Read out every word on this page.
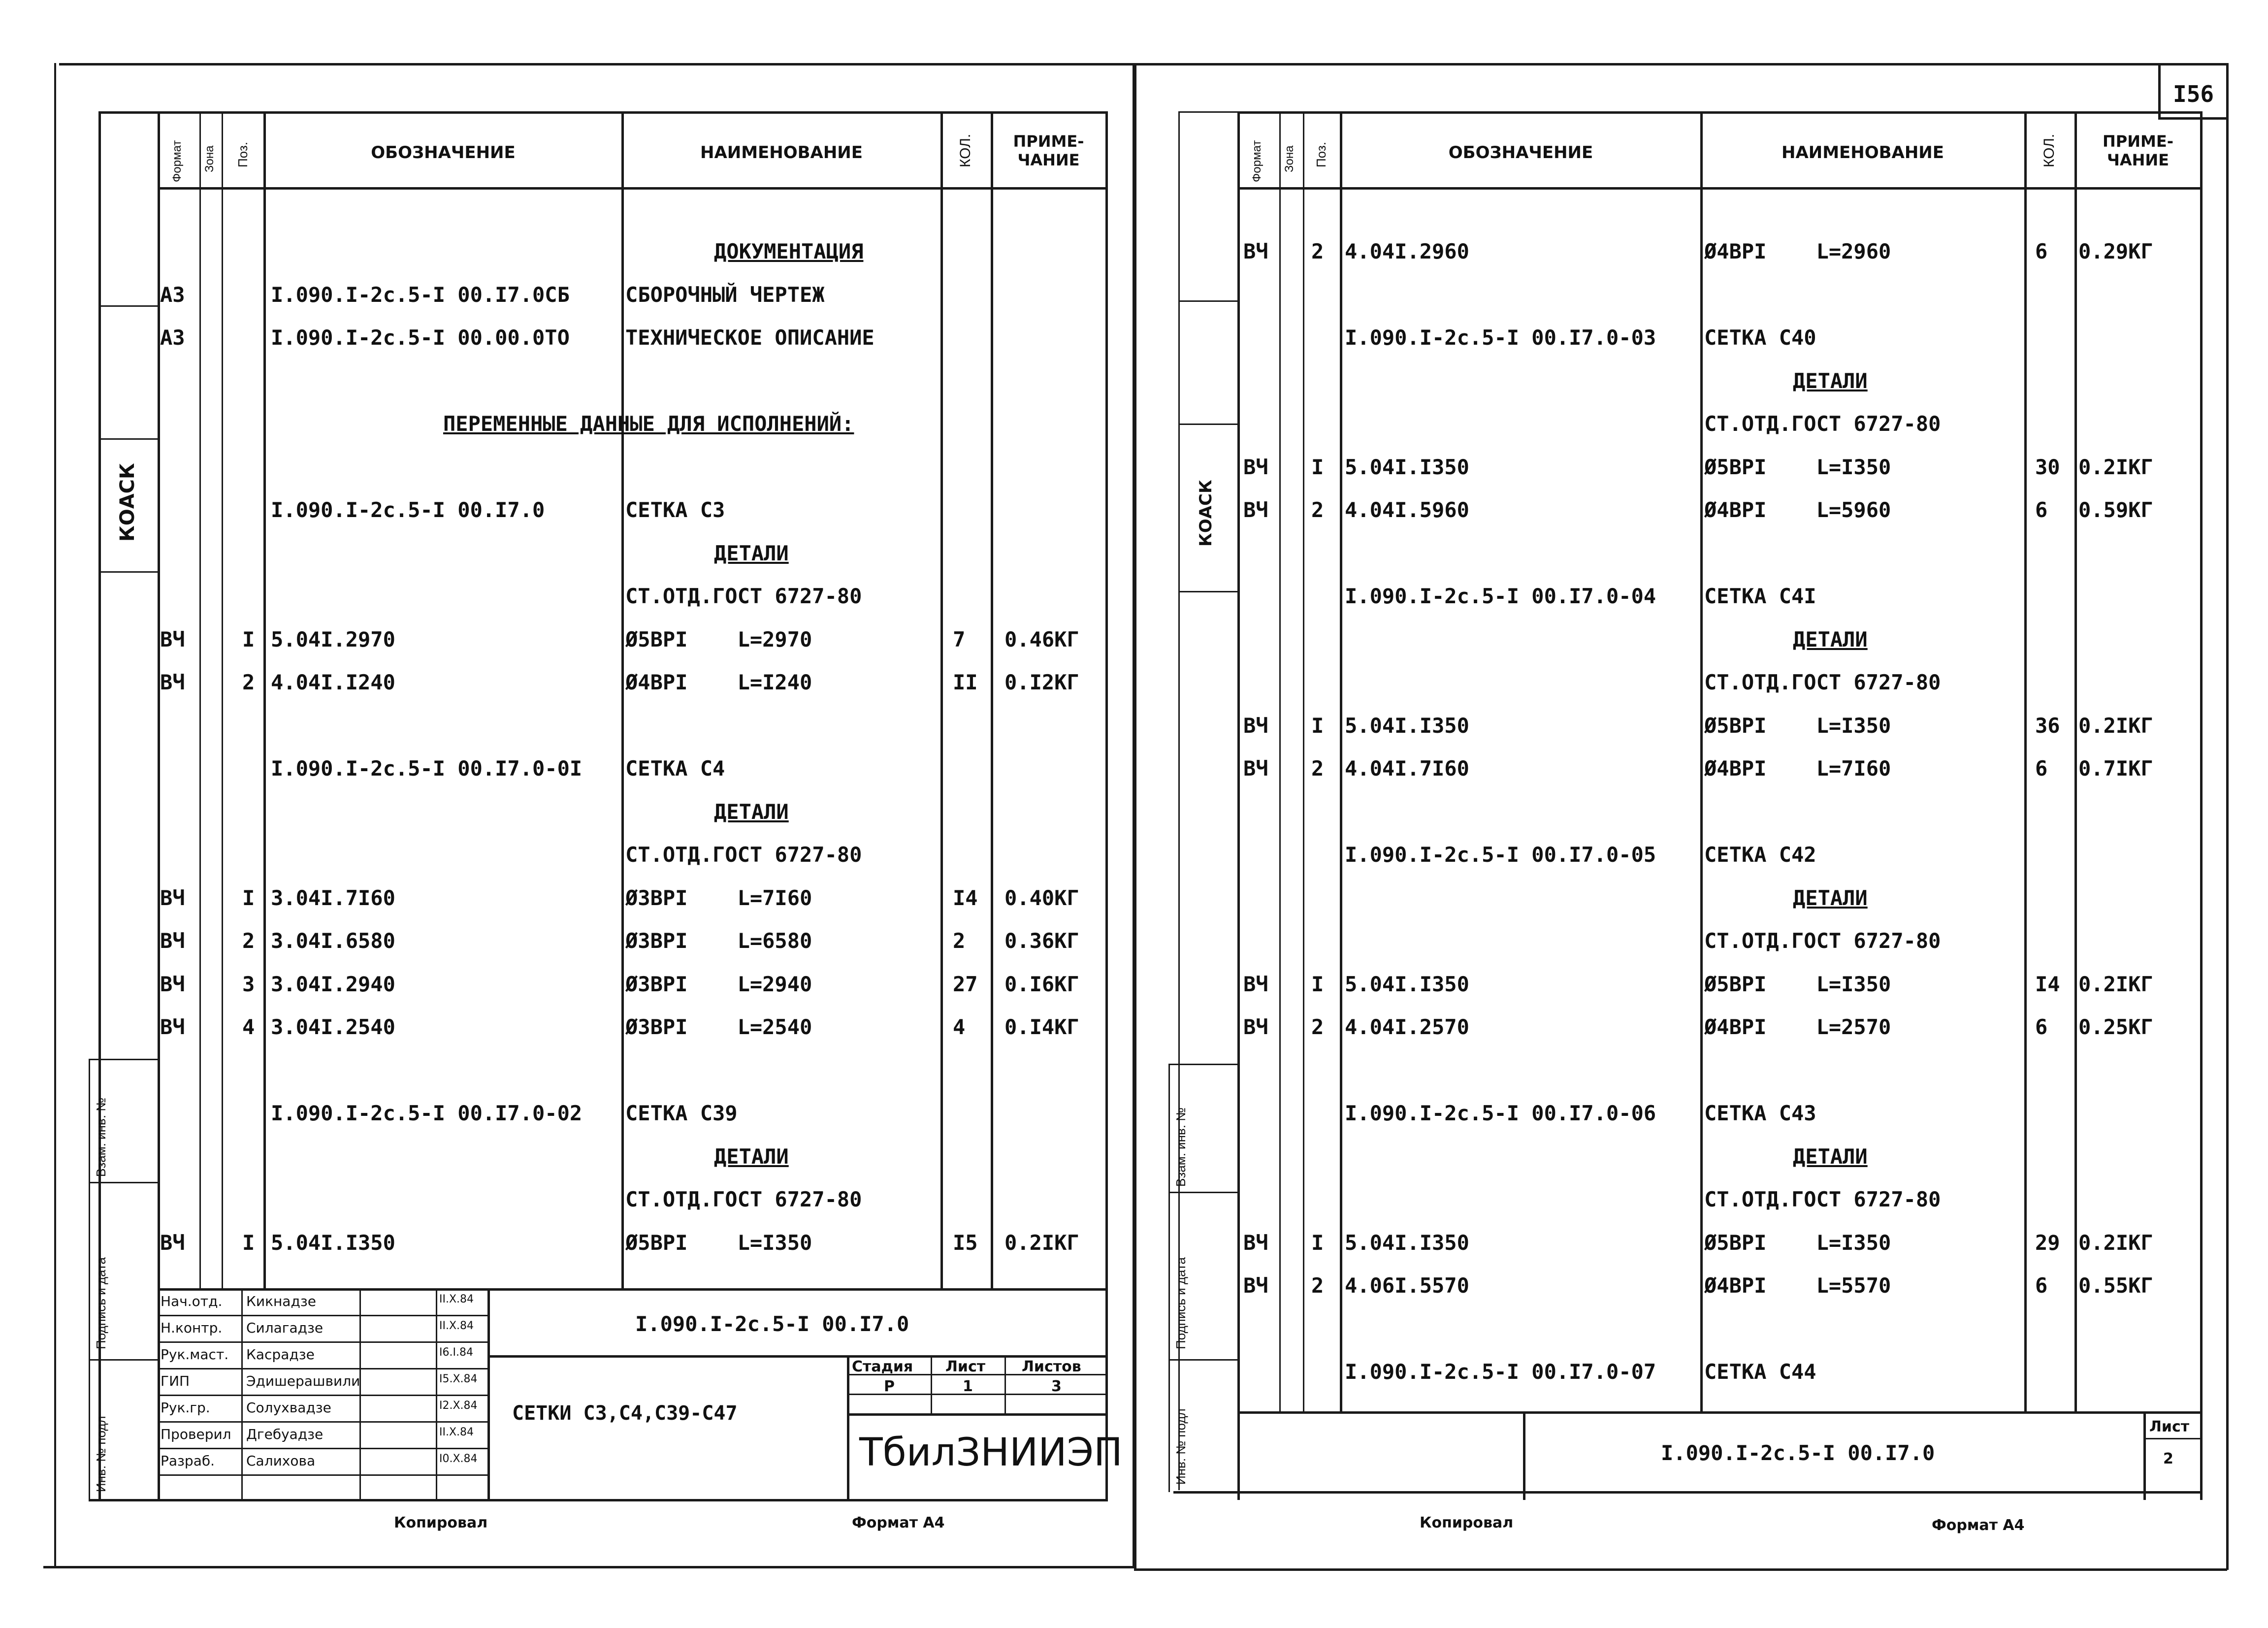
КОАСК
Взам. инв. №
Подпись и дата
Инв. № подл
Формат Зона Поз.	ОБОЗНАЧЕНИЕ	НАИМЕНОВАНИЕ	КОЛ.	ПРИМЕ-
ЧАНИЕ
ДОКУМЕНТАЦИЯ
А3	I.090.I-2с.5-I 00.I7.0СБ	СБОРОЧНЫЙ ЧЕРТЕЖ
А3	I.090.I-2с.5-I 00.00.0ТО	ТЕХНИЧЕСКОЕ ОПИСАНИЕ
ПЕРЕМЕННЫЕ ДАННЫЕ ДЛЯ ИСПОЛНЕНИЙ:
I.090.I-2с.5-I 00.I7.0	СЕТКА С3
ДЕТАЛИ
СТ.ОТД.ГОСТ 6727-80
ВЧ	I 5.04I.2970	Ø5ВРI    L=2970	7 0.46КГ
ВЧ	2 4.04I.I240	Ø4ВРI    L=I240	II 0.I2КГ
I.090.I-2с.5-I 00.I7.0-0I СЕТКА С4
ДЕТАЛИ
СТ.ОТД.ГОСТ 6727-80
ВЧ	I 3.04I.7I60	Ø3ВРI    L=7I60	I4 0.40КГ
ВЧ	2 3.04I.6580	Ø3ВРI    L=6580	2 0.36КГ
ВЧ	3 3.04I.2940	Ø3ВРI    L=2940	27 0.I6КГ
ВЧ	4 3.04I.2540	Ø3ВРI    L=2540	4 0.I4КГ
I.090.I-2с.5-I 00.I7.0-02 СЕТКА С39
ДЕТАЛИ
СТ.ОТД.ГОСТ 6727-80
ВЧ	I 5.04I.I350	Ø5ВРI    L=I350	I5 0.2IКГ
Нач.отд. Кикнадзе	II.X.84
Н.контр. Силагадзе	II.X.84
Рук.маст. Касрадзе	I6.I.84
ГИП	Эдишерашвили	I5.X.84
Рук.гр.	Солухвадзе	I2.X.84
Проверил Дгебуадзе	II.X.84
Разраб. Салихова	I0.X.84
I.090.I-2с.5-I 00.I7.0
СЕТКИ С3,С4,С39-С47
Стадия Лист Листов
Р	1	3
ТбилЗНИИЭП
Копировал	Формат А4
I56
КОАСК
Взам. инв. №
Подпись и дата
Инв. № подл
Формат Зона Поз.	ОБОЗНАЧЕНИЕ	НАИМЕНОВАНИЕ	КОЛ.	ПРИМЕ-
ЧАНИЕ
ВЧ 2 4.04I.2960	Ø4ВРI    L=2960	6 0.29КГ
I.090.I-2с.5-I 00.I7.0-03 СЕТКА С40
ДЕТАЛИ
СТ.ОТД.ГОСТ 6727-80
ВЧ I 5.04I.I350	Ø5ВРI    L=I350	30 0.2IКГ
ВЧ 2 4.04I.5960	Ø4ВРI    L=5960	6 0.59КГ
I.090.I-2с.5-I 00.I7.0-04 СЕТКА С4I
ДЕТАЛИ
СТ.ОТД.ГОСТ 6727-80
ВЧ I 5.04I.I350	Ø5ВРI    L=I350	36 0.2IКГ
ВЧ 2 4.04I.7I60	Ø4ВРI    L=7I60	6 0.7IКГ
I.090.I-2с.5-I 00.I7.0-05 СЕТКА С42
ДЕТАЛИ
СТ.ОТД.ГОСТ 6727-80
ВЧ I 5.04I.I350	Ø5ВРI    L=I350	I4 0.2IКГ
ВЧ 2 4.04I.2570	Ø4ВРI    L=2570	6 0.25КГ
I.090.I-2с.5-I 00.I7.0-06 СЕТКА С43
ДЕТАЛИ
СТ.ОТД.ГОСТ 6727-80
ВЧ I 5.04I.I350	Ø5ВРI    L=I350	29 0.2IКГ
ВЧ 2 4.06I.5570	Ø4ВРI    L=5570	6 0.55КГ
I.090.I-2с.5-I 00.I7.0-07 СЕТКА С44
I.090.I-2с.5-I 00.I7.0
Лист
2
Копировал	Формат А4
